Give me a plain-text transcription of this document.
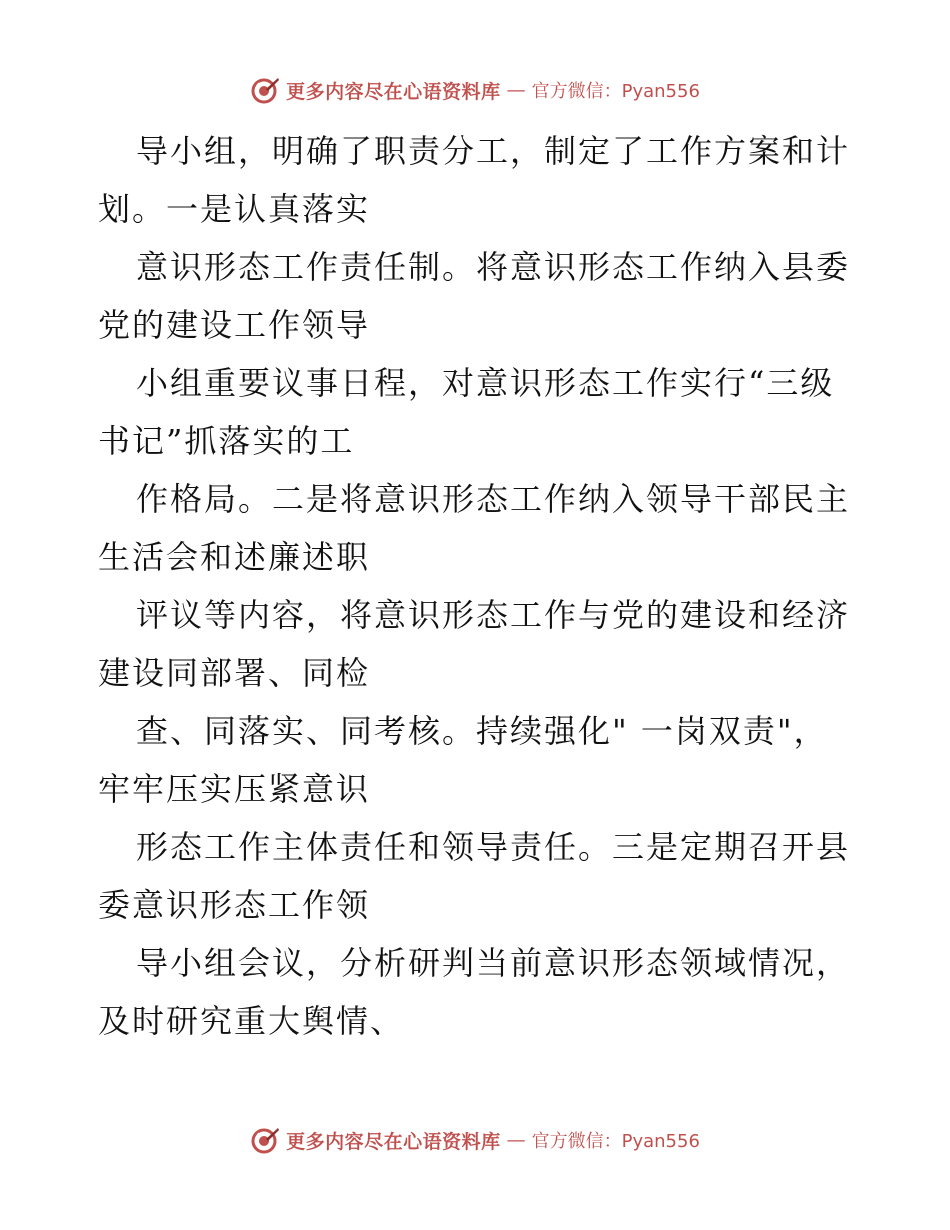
更多内容尽在心语资料库 — 官方微信：Pyan556

导小组，明确了职责分工，制定了工作方案和计
划。一是认真落实

意识形态工作责任制。将意识形态工作纳入县委
党的建设工作领导

小组重要议事日程，对意识形态工作实行“三级
书记”抓落实的工

作格局。二是将意识形态工作纳入领导干部民主
生活会和述廉述职

评议等内容，将意识形态工作与党的建设和经济
建设同部署、同检

查、同落实、同考核。持续强化" 一岗双责"，
牢牢压实压紧意识

形态工作主体责任和领导责任。三是定期召开县
委意识形态工作领

导小组会议，分析研判当前意识形态领域情况，
及时研究重大舆情、

更多内容尽在心语资料库 — 官方微信：Pyan556
